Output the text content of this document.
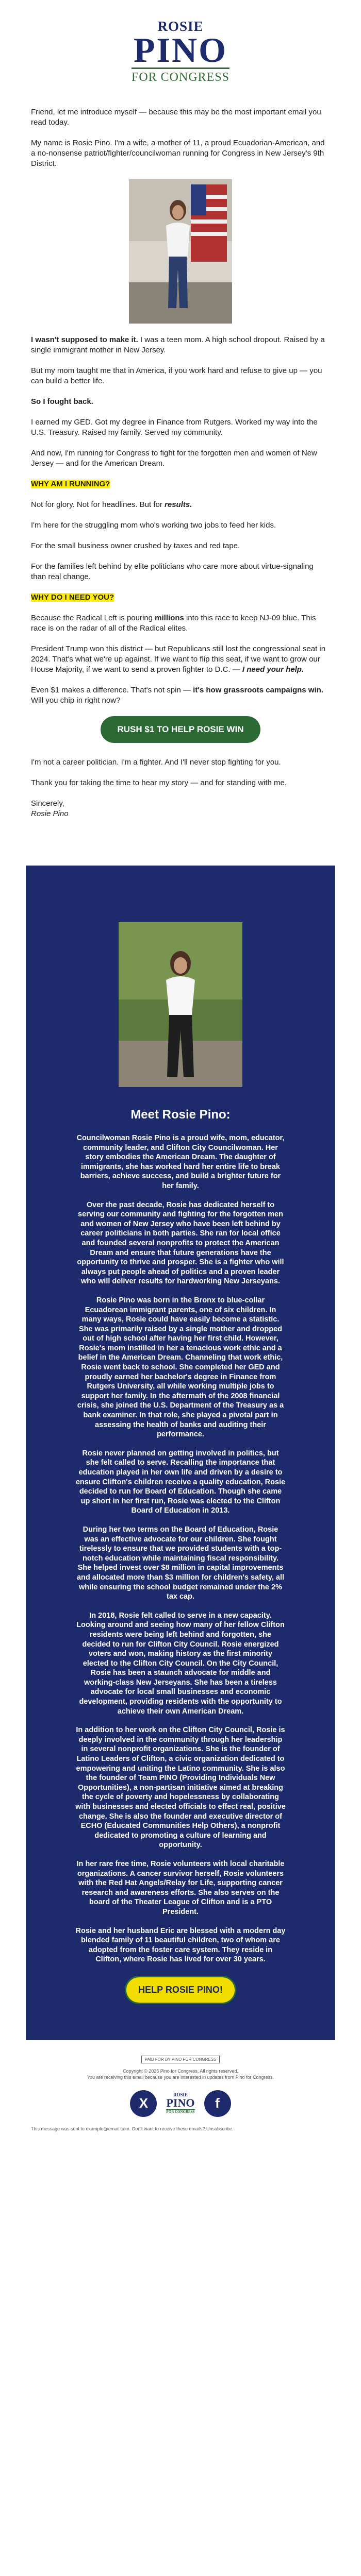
ROSIE
PINO
FOR CONGRESS

Friend, let me introduce myself — because this may be the most important email you read today.

My name is Rosie Pino. I'm a wife, a mother of 11, a proud Ecuadorian-American, and a no-nonsense patriot/fighter/councilwoman running for Congress in New Jersey's 9th District.

I wasn't supposed to make it. I was a teen mom. A high school dropout. Raised by a single immigrant mother in New Jersey.

But my mom taught me that in America, if you work hard and refuse to give up — you can build a better life.

So I fought back.

I earned my GED. Got my degree in Finance from Rutgers. Worked my way into the U.S. Treasury. Raised my family. Served my community.

And now, I'm running for Congress to fight for the forgotten men and women of New Jersey — and for the American Dream.

WHY AM I RUNNING?

Not for glory. Not for headlines. But for results.

I'm here for the struggling mom who's working two jobs to feed her kids.

For the small business owner crushed by taxes and red tape.

For the families left behind by elite politicians who care more about virtue-signaling than real change.

WHY DO I NEED YOU?

Because the Radical Left is pouring millions into this race to keep NJ-09 blue. This race is on the radar of all of the Radical elites.

President Trump won this district — but Republicans still lost the congressional seat in 2024. That's what we're up against. If we want to flip this seat, if we want to grow our House Majority, if we want to send a proven fighter to D.C. — I need your help.

Even $1 makes a difference. That's not spin — it's how grassroots campaigns win. Will you chip in right now?

RUSH $1 TO HELP ROSIE WIN

I'm not a career politician. I'm a fighter. And I'll never stop fighting for you.

Thank you for taking the time to hear my story — and for standing with me.

Sincerely,
Rosie Pino

Meet Rosie Pino:

Councilwoman Rosie Pino is a proud wife, mom, educator, community leader, and Clifton City Councilwoman. Her story embodies the American Dream. The daughter of immigrants, she has worked hard her entire life to break barriers, achieve success, and build a brighter future for her family.

Over the past decade, Rosie has dedicated herself to serving our community and fighting for the forgotten men and women of New Jersey who have been left behind by career politicians in both parties. She ran for local office and founded several nonprofits to protect the American Dream and ensure that future generations have the opportunity to thrive and prosper. She is a fighter who will always put people ahead of politics and a proven leader who will deliver results for hardworking New Jerseyans.

Rosie Pino was born in the Bronx to blue-collar Ecuadorean immigrant parents, one of six children. In many ways, Rosie could have easily become a statistic. She was primarily raised by a single mother and dropped out of high school after having her first child. However, Rosie's mom instilled in her a tenacious work ethic and a belief in the American Dream. Channeling that work ethic, Rosie went back to school. She completed her GED and proudly earned her bachelor's degree in Finance from Rutgers University, all while working multiple jobs to support her family. In the aftermath of the 2008 financial crisis, she joined the U.S. Department of the Treasury as a bank examiner. In that role, she played a pivotal part in assessing the health of banks and auditing their performance.

Rosie never planned on getting involved in politics, but she felt called to serve. Recalling the importance that education played in her own life and driven by a desire to ensure Clifton's children receive a quality education, Rosie decided to run for Board of Education. Though she came up short in her first run, Rosie was elected to the Clifton Board of Education in 2013.

During her two terms on the Board of Education, Rosie was an effective advocate for our children. She fought tirelessly to ensure that we provided students with a top-notch education while maintaining fiscal responsibility. She helped invest over $8 million in capital improvements and allocated more than $3 million for children's safety, all while ensuring the school budget remained under the 2% tax cap.

In 2018, Rosie felt called to serve in a new capacity. Looking around and seeing how many of her fellow Clifton residents were being left behind and forgotten, she decided to run for Clifton City Council. Rosie energized voters and won, making history as the first minority elected to the Clifton City Council. On the City Council, Rosie has been a staunch advocate for middle and working-class New Jerseyans. She has been a tireless advocate for local small businesses and economic development, providing residents with the opportunity to achieve their own American Dream.

In addition to her work on the Clifton City Council, Rosie is deeply involved in the community through her leadership in several nonprofit organizations. She is the founder of Latino Leaders of Clifton, a civic organization dedicated to empowering and uniting the Latino community. She is also the founder of Team PINO (Providing Individuals New Opportunities), a non-partisan initiative aimed at breaking the cycle of poverty and hopelessness by collaborating with businesses and elected officials to effect real, positive change. She is also the founder and executive director of ECHO (Educated Communities Help Others), a nonprofit dedicated to promoting a culture of learning and opportunity.

In her rare free time, Rosie volunteers with local charitable organizations. A cancer survivor herself, Rosie volunteers with the Red Hat Angels/Relay for Life, supporting cancer research and awareness efforts. She also serves on the board of the Theater League of Clifton and is a PTO President.

Rosie and her husband Eric are blessed with a modern day blended family of 11 beautiful children, two of whom are adopted from the foster care system. They reside in Clifton, where Rosie has lived for over 30 years.

HELP ROSIE PINO!
PAID FOR BY PINO FOR CONGRESS
Copyright © 2025 Pino for Congress, All rights reserved.
You are receiving this email because you are interested in updates from Pino for Congress.
X
ROSIE
PINO
FOR CONGRESS
f
This message was sent to example@email.com. Don't want to receive these emails? Unsubscribe.
